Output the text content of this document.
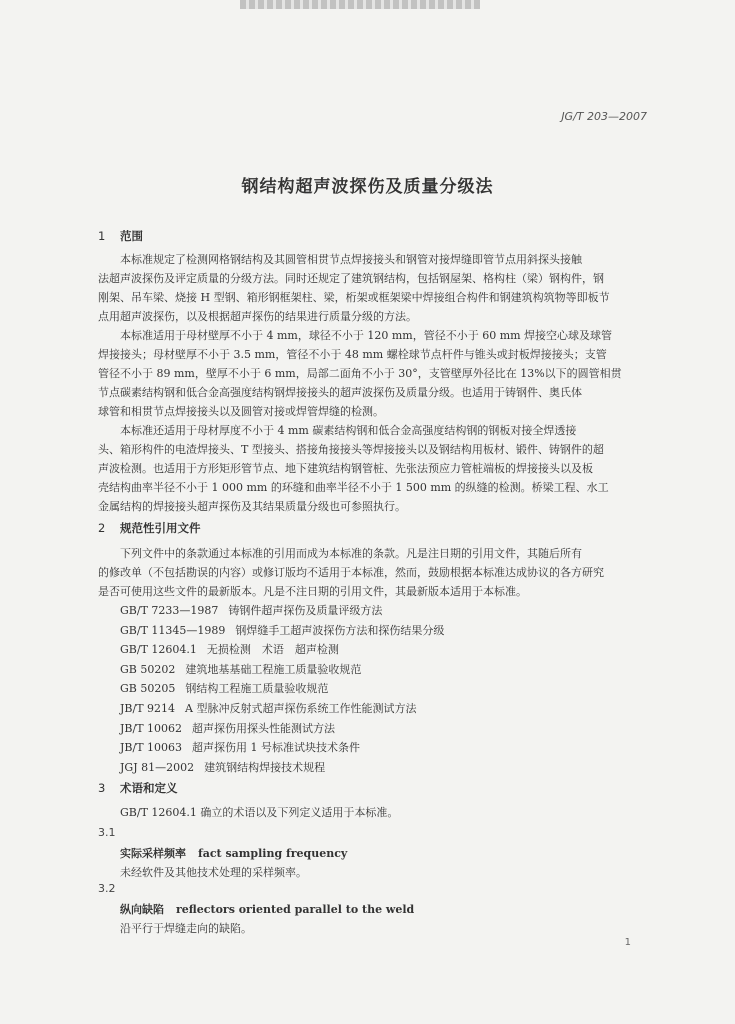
JG/T 203—2007
钢结构超声波探伤及质量分级法
1 范围
本标准规定了检测网格钢结构及其圆管相贯节点焊接接头和钢管对接焊缝即管节点用斜探头接触
法超声波探伤及评定质量的分级方法。同时还规定了建筑钢结构，包括钢屋架、格构柱（梁）钢构件，钢
刚架、吊车梁、烧接 H 型钢、箱形钢框架柱、梁，桁架或框架梁中焊接组合构件和钢建筑构筑物等即板节
点用超声波探伤，以及根据超声探伤的结果进行质量分级的方法。
本标准适用于母材壁厚不小于 4 mm，球径不小于 120 mm，管径不小于 60 mm 焊接空心球及球管
焊接接头；母材壁厚不小于 3.5 mm，管径不小于 48 mm 螺栓球节点杆件与锥头或封板焊接接头；支管
管径不小于 89 mm，壁厚不小于 6 mm，局部二面角不小于 30°，支管壁厚外径比在 13%以下的圆管相贯
节点碳素结构钢和低合金高强度结构钢焊接接头的超声波探伤及质量分级。也适用于铸钢件、奥氏体
球管和相贯节点焊接接头以及圆管对接或焊管焊缝的检测。
本标准还适用于母材厚度不小于 4 mm 碳素结构钢和低合金高强度结构钢的钢板对接全焊透接
头、箱形构件的电渣焊接头、T 型接头、搭接角接接头等焊接接头以及钢结构用板材、锻件、铸钢件的超
声波检测。也适用于方形矩形管节点、地下建筑结构钢管桩、先张法预应力管桩端板的焊接接头以及板
壳结构曲率半径不小于 1 000 mm 的环缝和曲率半径不小于 1 500 mm 的纵缝的检测。桥梁工程、水工
金属结构的焊接接头超声探伤及其结果质量分级也可参照执行。
2 规范性引用文件
下列文件中的条款通过本标准的引用而成为本标准的条款。凡是注日期的引用文件，其随后所有
的修改单（不包括勘误的内容）或修订版均不适用于本标准，然而，鼓励根据本标准达成协议的各方研究
是否可使用这些文件的最新版本。凡是不注日期的引用文件，其最新版本适用于本标准。
GB/T 7233—1987 铸钢件超声探伤及质量评级方法
GB/T 11345—1989 钢焊缝手工超声波探伤方法和探伤结果分级
GB/T 12604.1 无损检测　术语　超声检测
GB 50202 建筑地基基础工程施工质量验收规范
GB 50205 钢结构工程施工质量验收规范
JB/T 9214 A 型脉冲反射式超声探伤系统工作性能测试方法
JB/T 10062 超声探伤用探头性能测试方法
JB/T 10063 超声探伤用 1 号标准试块技术条件
JGJ 81—2002 建筑钢结构焊接技术规程
3 术语和定义
GB/T 12604.1 确立的术语以及下列定义适用于本标准。
3.1
实际采样频率 fact sampling frequency
未经软件及其他技术处理的采样频率。
3.2
纵向缺陷 reflectors oriented parallel to the weld
沿平行于焊缝走向的缺陷。
1
